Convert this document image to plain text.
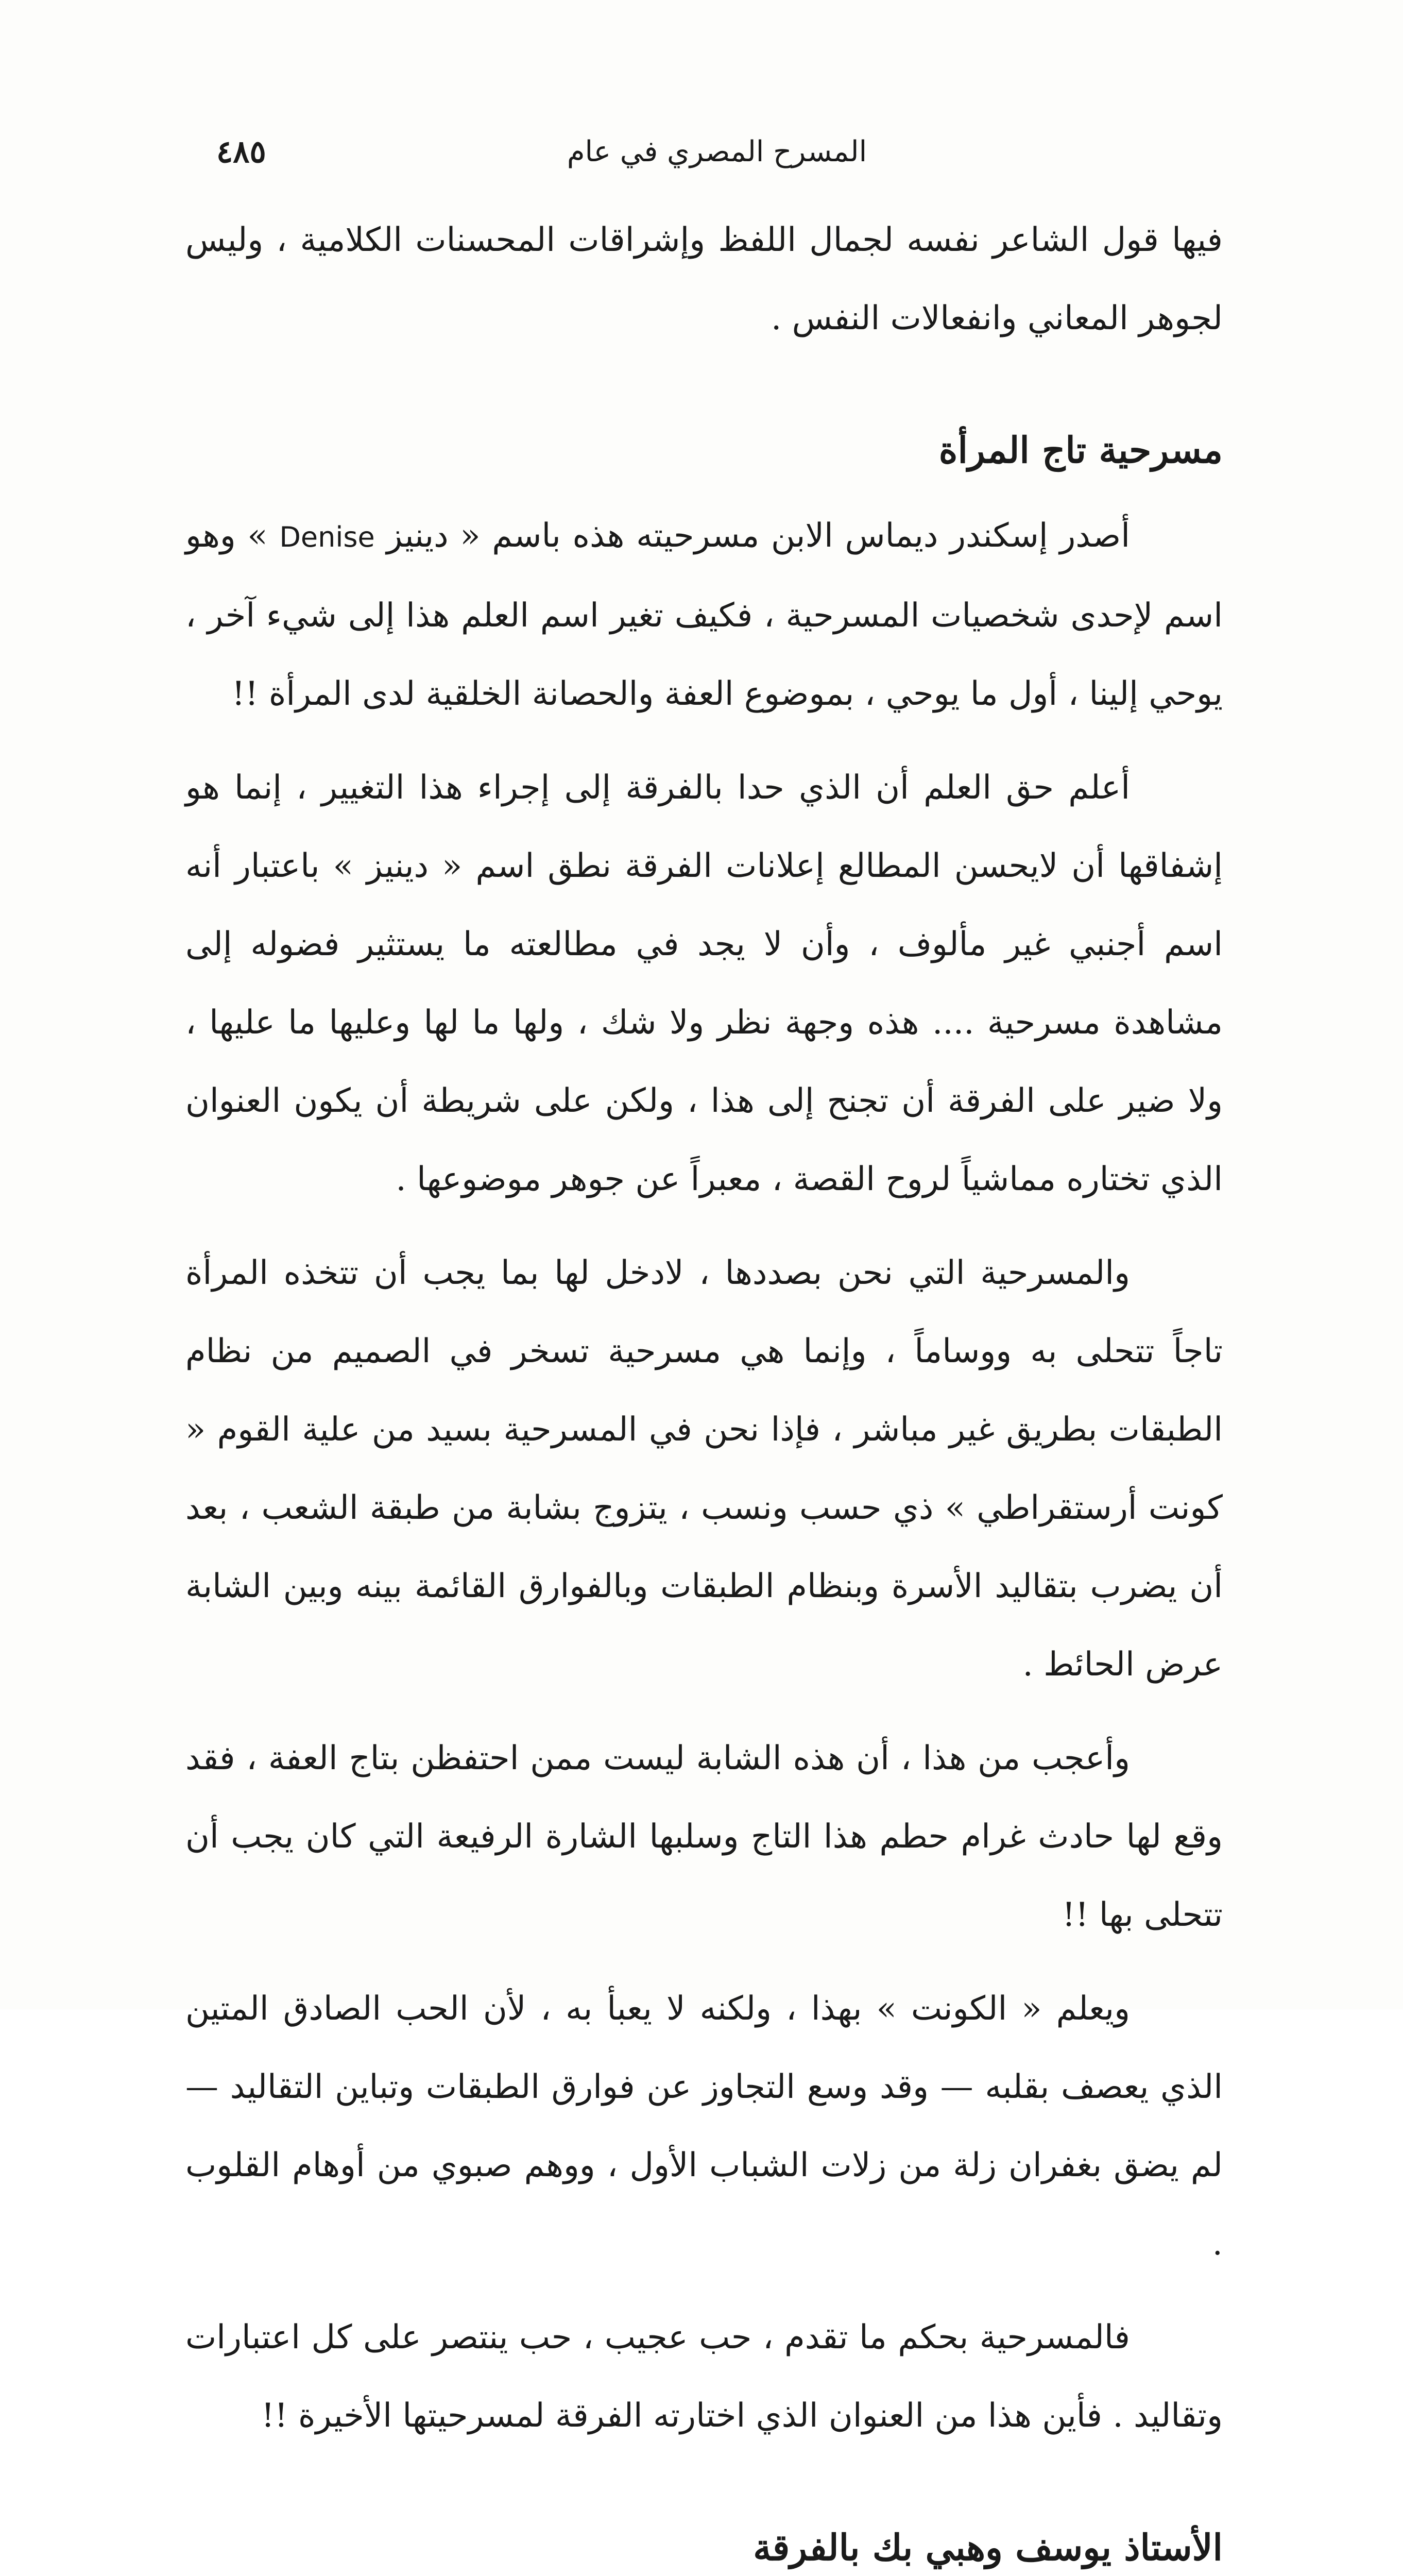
المسرح المصري في عام
٤٨٥

فيها قول الشاعر نفسه لجمال اللفظ وإشراقات المحسنات الكلامية ، وليس لجوهر المعاني وانفعالات النفس .

مسرحية تاج المرأة

أصدر إسكندر ديماس الابن مسرحيته هذه باسم « دينيز Denise » وهو اسم لإحدى شخصيات المسرحية ، فكيف تغير اسم العلم هذا إلى شيء آخر ، يوحي إلينا ، أول ما يوحي ، بموضوع العفة والحصانة الخلقية لدى المرأة !!

أعلم حق العلم أن الذي حدا بالفرقة إلى إجراء هذا التغيير ، إنما هو إشفاقها أن لايحسن المطالع إعلانات الفرقة نطق اسم « دينيز » باعتبار أنه اسم أجنبي غير مألوف ، وأن لا يجد في مطالعته ما يستثير فضوله إلى مشاهدة مسرحية .... هذه وجهة نظر ولا شك ، ولها ما لها وعليها ما عليها ، ولا ضير على الفرقة أن تجنح إلى هذا ، ولكن على شريطة أن يكون العنوان الذي تختاره مماشياً لروح القصة ، معبراً عن جوهر موضوعها .

والمسرحية التي نحن بصددها ، لادخل لها بما يجب أن تتخذه المرأة تاجاً تتحلى به ووساماً ، وإنما هي مسرحية تسخر في الصميم من نظام الطبقات بطريق غير مباشر ، فإذا نحن في المسرحية بسيد من علية القوم « كونت أرستقراطي » ذي حسب ونسب ، يتزوج بشابة من طبقة الشعب ، بعد أن يضرب بتقاليد الأسرة وبنظام الطبقات وبالفوارق القائمة بينه وبين الشابة عرض الحائط .

وأعجب من هذا ، أن هذه الشابة ليست ممن احتفظن بتاج العفة ، فقد وقع لها حادث غرام حطم هذا التاج وسلبها الشارة الرفيعة التي كان يجب أن تتحلى بها !!

ويعلم « الكونت » بهذا ، ولكنه لا يعبأ به ، لأن الحب الصادق المتين الذي يعصف بقلبه — وقد وسع التجاوز عن فوارق الطبقات وتباين التقاليد — لم يضق بغفران زلة من زلات الشباب الأول ، ووهم صبوي من أوهام القلوب .

فالمسرحية بحكم ما تقدم ، حب عجيب ، حب ينتصر على كل اعتبارات وتقاليد . فأين هذا من العنوان الذي اختارته الفرقة لمسرحيتها الأخيرة !!

الأستاذ يوسف وهبي بك بالفرقة
